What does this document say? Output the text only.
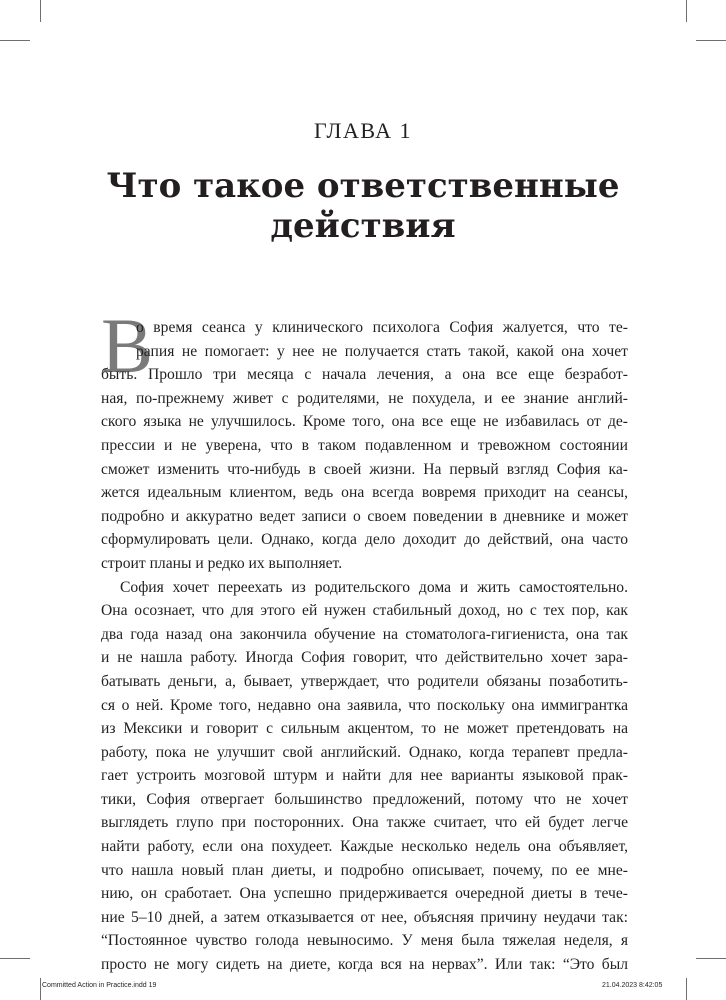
ГЛАВА 1
Что такое ответственные
действия
В
о время сеанса у клинического психолога София жалуется, что те-
рапия не помогает: у нее не получается стать такой, какой она хочет
быть. Прошло три месяца с начала лечения, а она все еще безработ-
ная, по-прежнему живет с родителями, не похудела, и ее знание англий-
ского языка не улучшилось. Кроме того, она все еще не избавилась от де-
прессии и не уверена, что в таком подавленном и тревожном состоянии
сможет изменить что-нибудь в своей жизни. На первый взгляд София ка-
жется идеальным клиентом, ведь она всегда вовремя приходит на сеансы,
подробно и аккуратно ведет записи о своем поведении в дневнике и может
сформулировать цели. Однако, когда дело доходит до действий, она часто
строит планы и редко их выполняет.
София хочет переехать из родительского дома и жить самостоятельно.
Она осознает, что для этого ей нужен стабильный доход, но с тех пор, как
два года назад она закончила обучение на стоматолога-гигиениста, она так
и не нашла работу. Иногда София говорит, что действительно хочет зара-
батывать деньги, а, бывает, утверждает, что родители обязаны позаботить-
ся о ней. Кроме того, недавно она заявила, что поскольку она иммигрантка
из Мексики и говорит с сильным акцентом, то не может претендовать на
работу, пока не улучшит свой английский. Однако, когда терапевт предла-
гает устроить мозговой штурм и найти для нее варианты языковой прак-
тики, София отвергает большинство предложений, потому что не хочет
выглядеть глупо при посторонних. Она также считает, что ей будет легче
найти работу, если она похудеет. Каждые несколько недель она объявляет,
что нашла новый план диеты, и подробно описывает, почему, по ее мне-
нию, он сработает. Она успешно придерживается очередной диеты в тече-
ние 5–10 дней, а затем отказывается от нее, объясняя причину неудачи так:
“Постоянное чувство голода невыносимо. У меня была тяжелая неделя, я
просто не могу сидеть на диете, когда вся на нервах”. Или так: “Это был
Committed Action in Practice.indd 19	21.04.2023 8:42:05
